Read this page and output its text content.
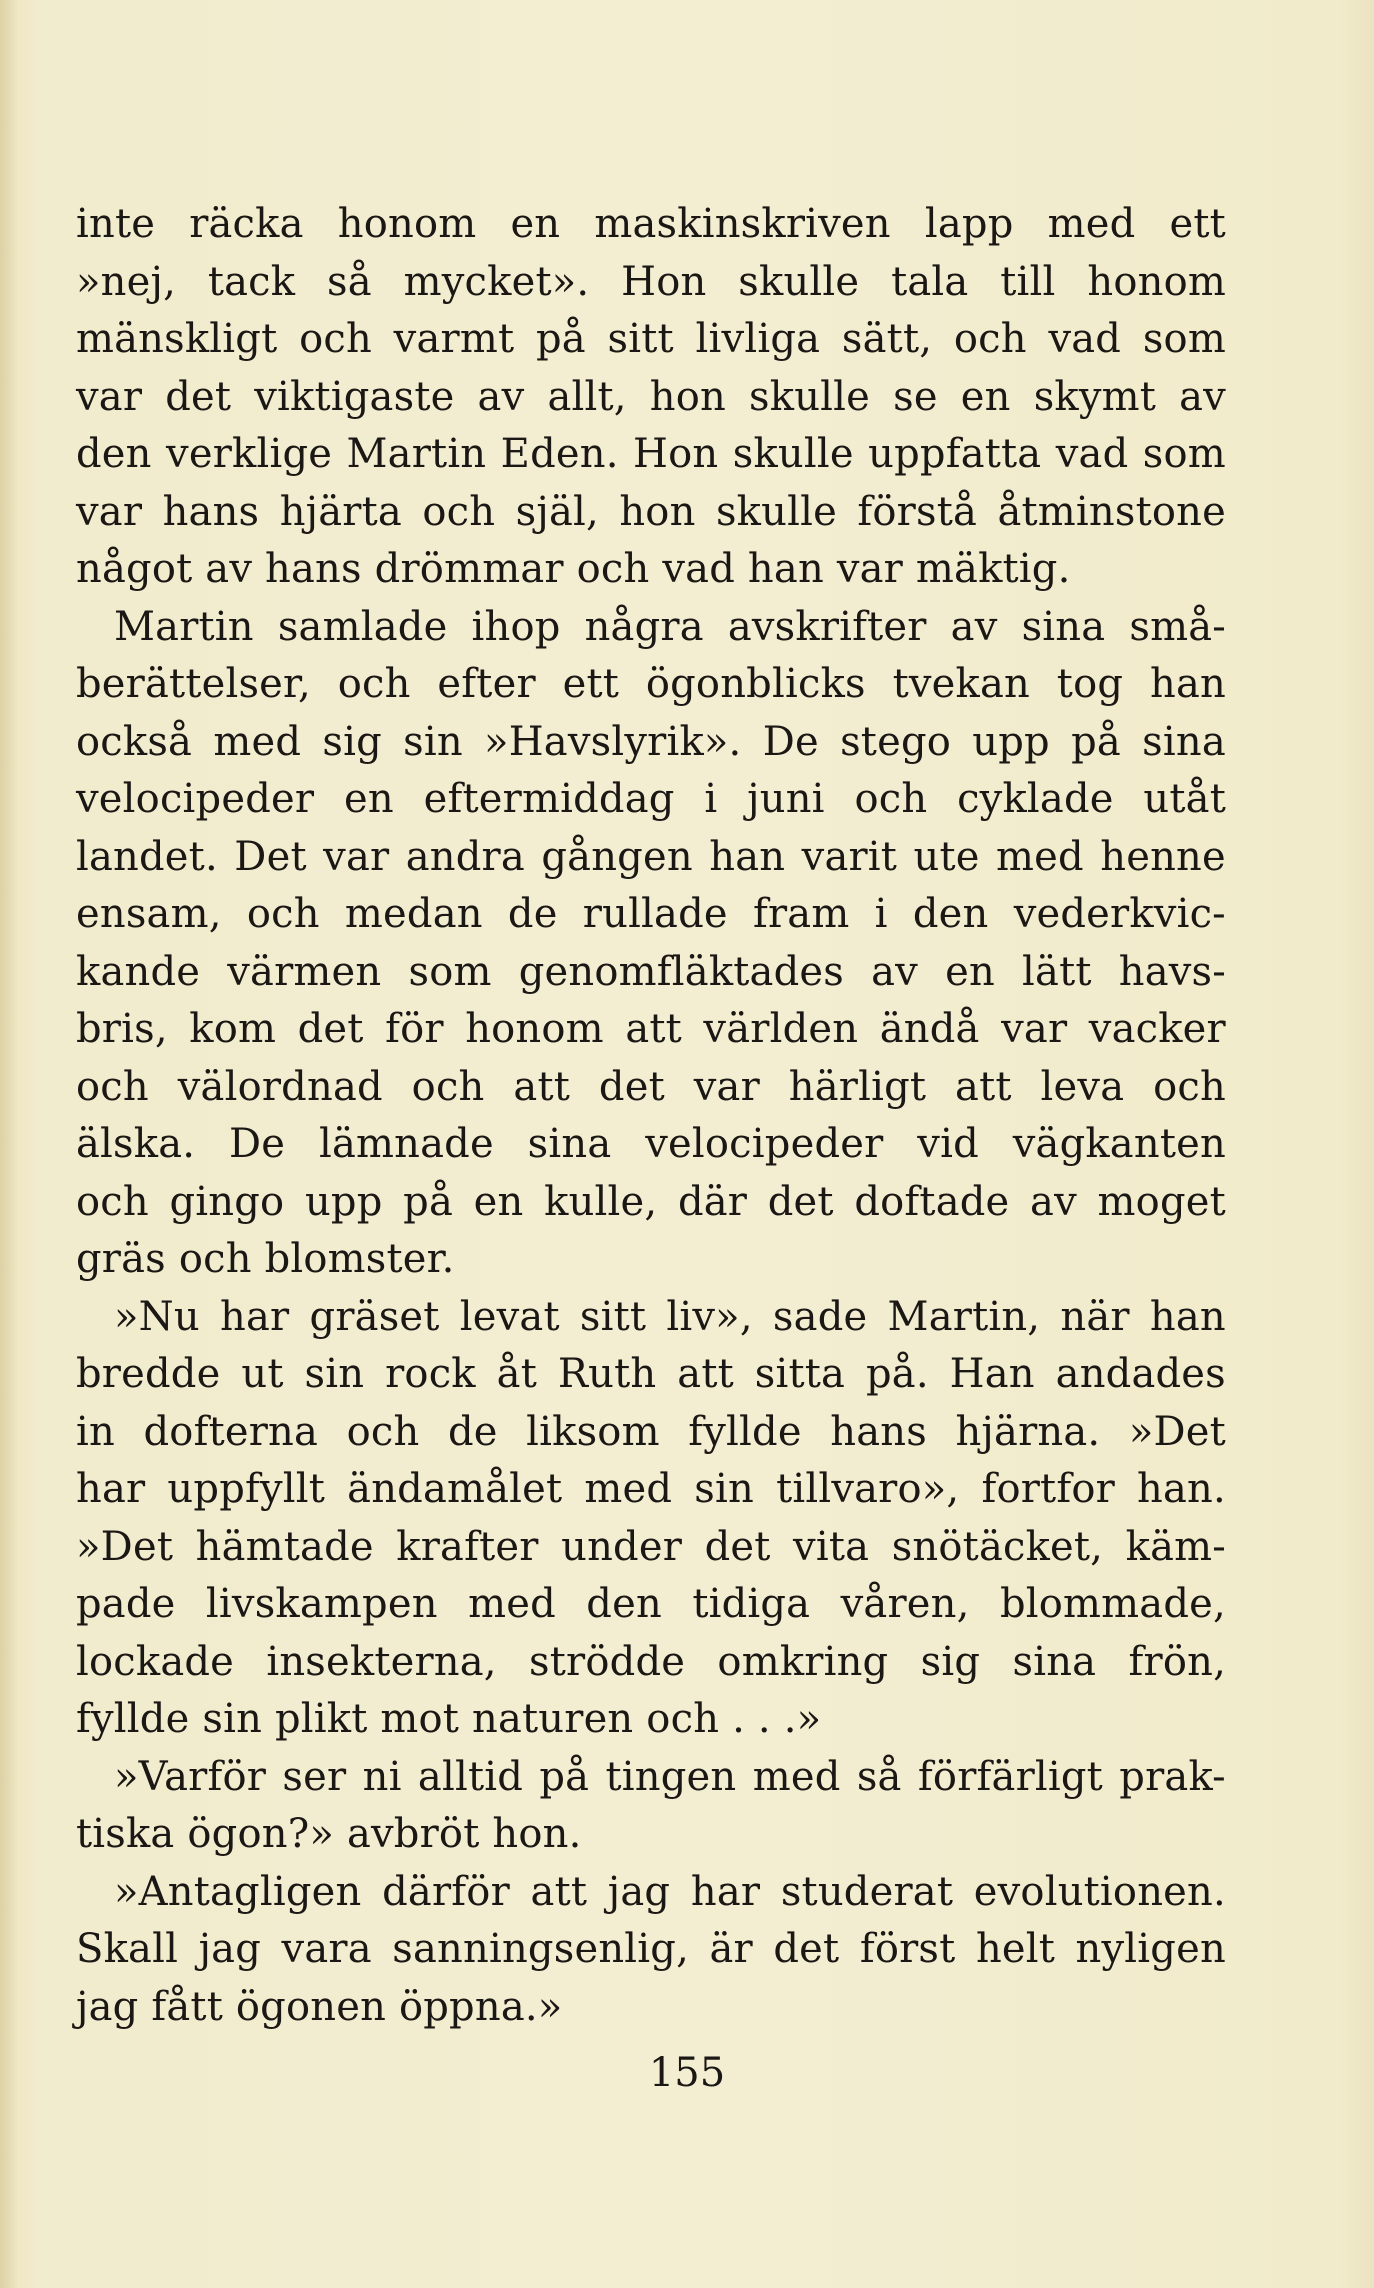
inte räcka honom en maskinskriven lapp med ett
»nej, tack så mycket». Hon skulle tala till honom
mänskligt och varmt på sitt livliga sätt, och vad som
var det viktigaste av allt, hon skulle se en skymt av
den verklige Martin Eden. Hon skulle uppfatta vad som
var hans hjärta och själ, hon skulle förstå åtminstone
något av hans drömmar och vad han var mäktig.
Martin samlade ihop några avskrifter av sina små-
berättelser, och efter ett ögonblicks tvekan tog han
också med sig sin »Havslyrik». De stego upp på sina
velocipeder en eftermiddag i juni och cyklade utåt
landet. Det var andra gången han varit ute med henne
ensam, och medan de rullade fram i den vederkvic-
kande värmen som genomfläktades av en lätt havs-
bris, kom det för honom att världen ändå var vacker
och välordnad och att det var härligt att leva och
älska. De lämnade sina velocipeder vid vägkanten
och gingo upp på en kulle, där det doftade av moget
gräs och blomster.
»Nu har gräset levat sitt liv», sade Martin, när han
bredde ut sin rock åt Ruth att sitta på. Han andades
in dofterna och de liksom fyllde hans hjärna. »Det
har uppfyllt ändamålet med sin tillvaro», fortfor han.
»Det hämtade krafter under det vita snötäcket, käm-
pade livskampen med den tidiga våren, blommade,
lockade insekterna, strödde omkring sig sina frön,
fyllde sin plikt mot naturen och . . .»
»Varför ser ni alltid på tingen med så förfärligt prak-
tiska ögon?» avbröt hon.
»Antagligen därför att jag har studerat evolutionen.
Skall jag vara sanningsenlig, är det först helt nyligen
jag fått ögonen öppna.»
155
